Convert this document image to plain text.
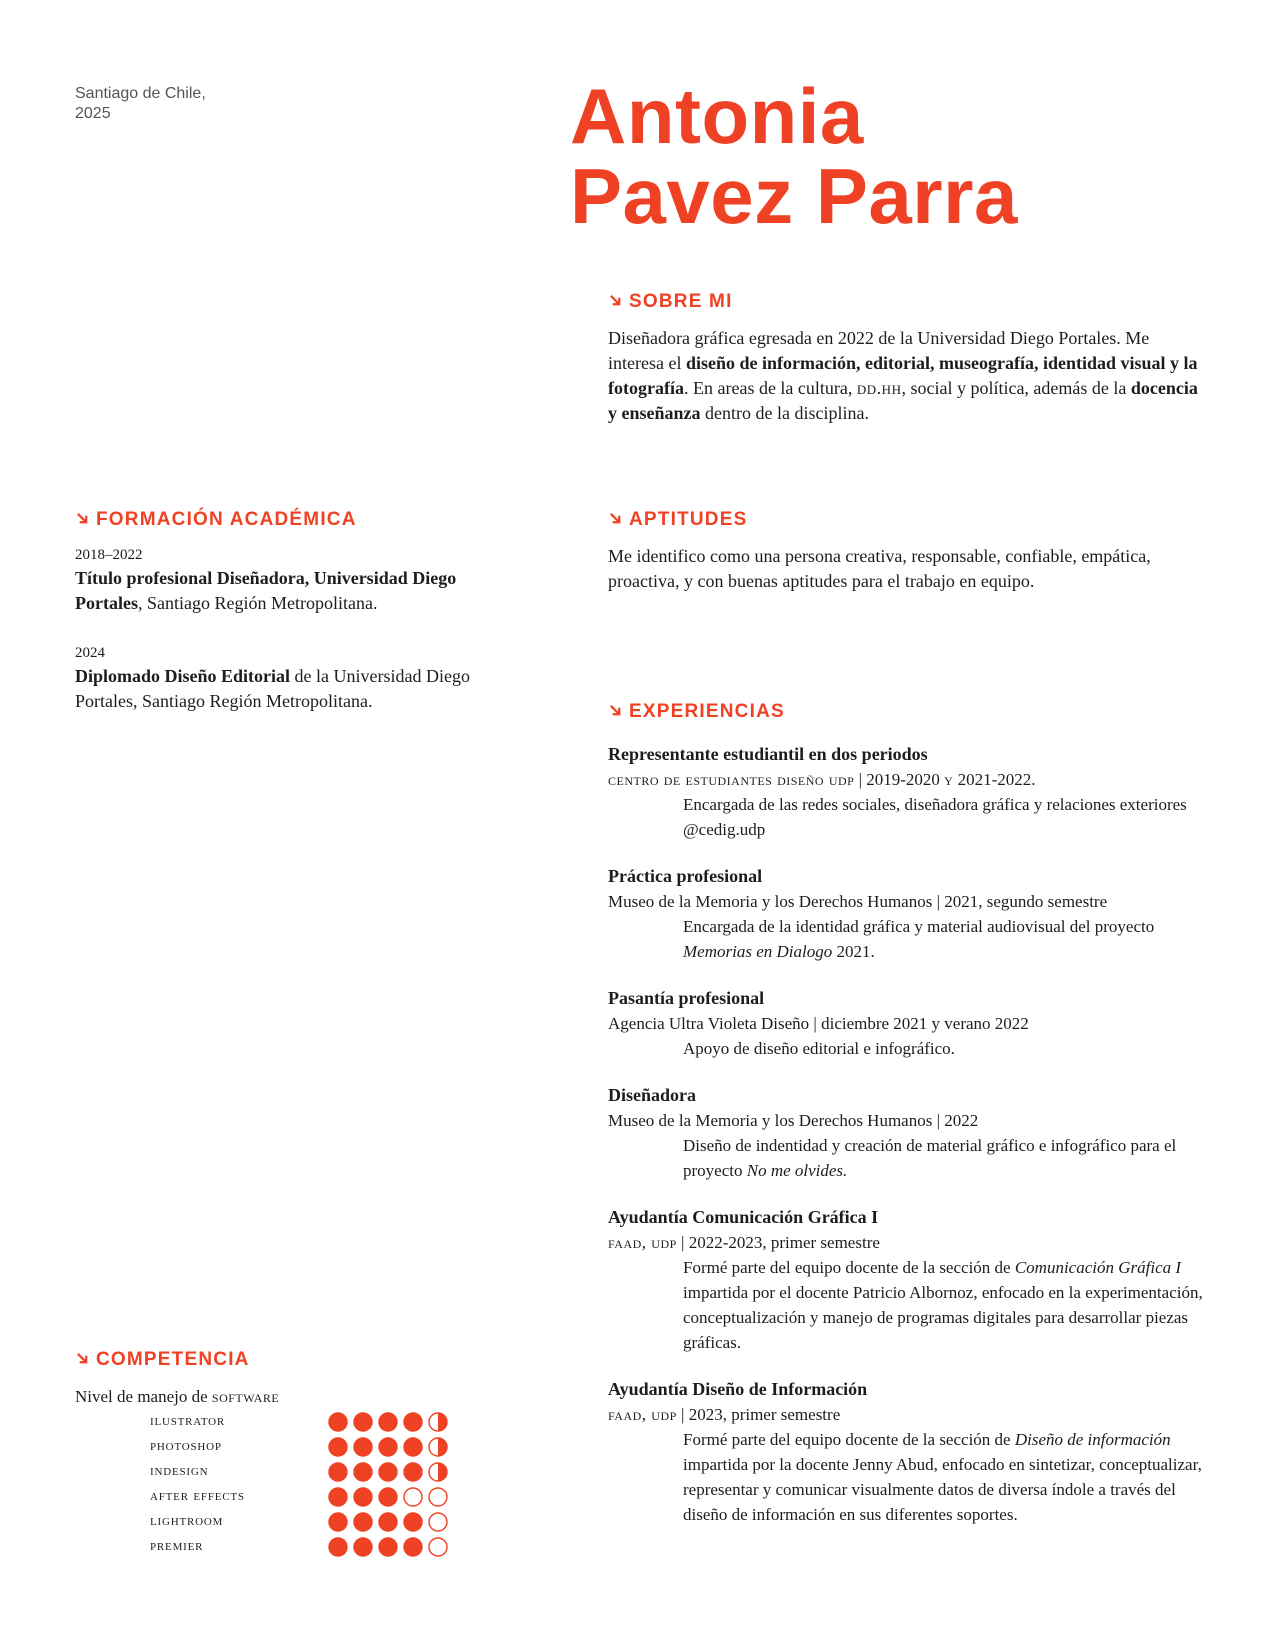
Santiago de Chile,
2025	Antonia
Pavez Parra
SOBRE MI
Diseñadora gráfica egresada en 2022 de la Universidad Diego Portales. Me interesa el diseño de información, editorial, museografía, identidad visual y la fotografía. En areas de la cultura, dd.hh, social y política, además de la docencia y enseñanza dentro de la disciplina.
APTITUDES
Me identifico como una persona creativa, responsable, confiable, empática, proactiva, y con buenas aptitudes para el trabajo en equipo.
FORMACIÓN ACADÉMICA
2018–2022
Título profesional Diseñadora, Universidad Diego Portales, Santiago Región Metropolitana.
2024
Diplomado Diseño Editorial de la Universidad Diego Portales, Santiago Región Metropolitana.	EXPERIENCIAS
Representante estudiantil en dos periodos
centro de estudiantes diseño udp | 2019-2020 y 2021-2022.
Encargada de las redes sociales, diseñadora gráfica y relaciones exteriores @cedig.udp
Práctica profesional
Museo de la Memoria y los Derechos Humanos | 2021, segundo semestre
Encargada de la identidad gráfica y material audiovisual del proyecto Memorias en Dialogo 2021.
Pasantía profesional
Agencia Ultra Violeta Diseño | diciembre 2021 y verano 2022
Apoyo de diseño editorial e infográfico.
Diseñadora
Museo de la Memoria y los Derechos Humanos | 2022
Diseño de indentidad y creación de material gráfico e infográfico para el proyecto No me olvides.
Ayudantía Comunicación Gráfica I
faad, udp | 2022-2023, primer semestre
Formé parte del equipo docente de la sección de Comunicación Gráfica I impartida por el docente Patricio Albornoz, enfocado en la experimentación, conceptualización y manejo de programas digitales para desarrollar piezas gráficas.
Ayudantía Diseño de Información
faad, udp | 2023, primer semestre
Formé parte del equipo docente de la sección de Diseño de información impartida por la docente Jenny Abud, enfocado en sintetizar, conceptualizar, representar y comunicar visualmente datos de diversa índole a través del diseño de información en sus diferentes soportes.
COMPETENCIA
Nivel de manejo de software
ilustrator
photoshop
indesign
after effects
lightroom
premier
